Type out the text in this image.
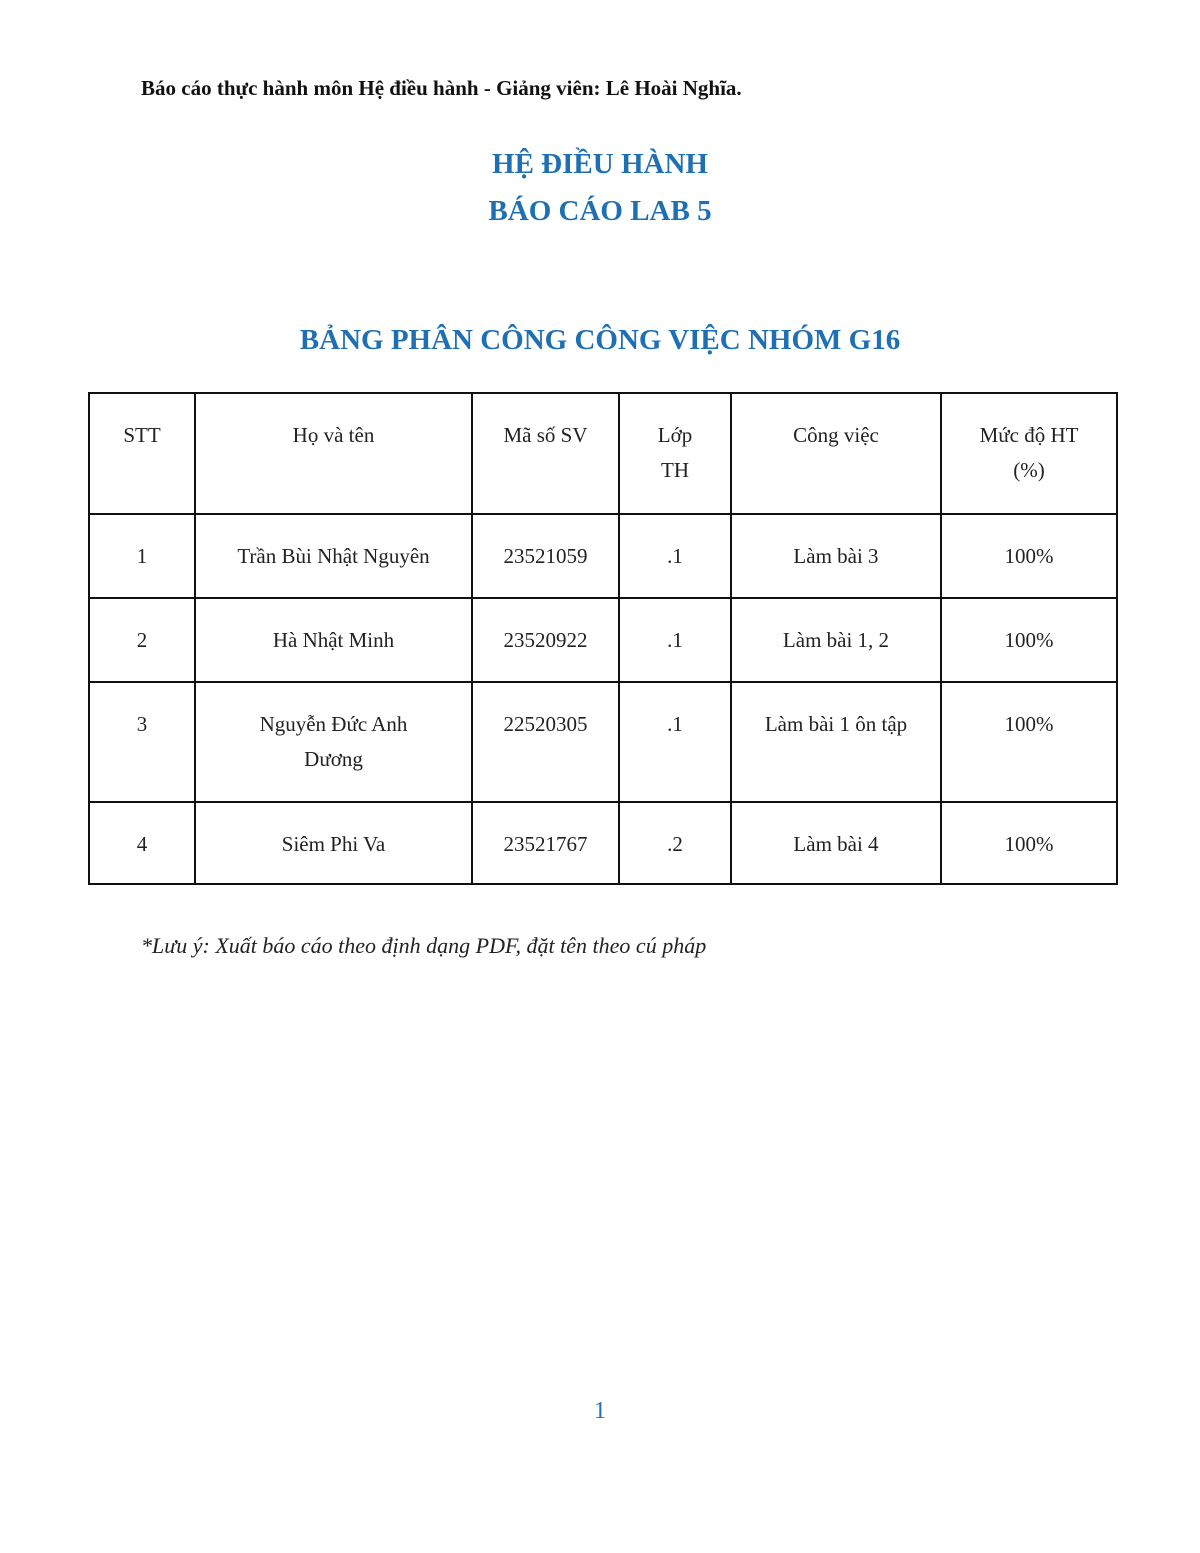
Báo cáo thực hành môn Hệ điều hành - Giảng viên: Lê Hoài Nghĩa.
HỆ ĐIỀU HÀNH
BÁO CÁO LAB 5
BẢNG PHÂN CÔNG CÔNG VIỆC NHÓM G16
STT	Họ và tên	Mã số SV	Lớp TH	Công việc	Mức độ HT (%)
1	Trần Bùi Nhật Nguyên	23521059	.1	Làm bài 3	100%
2	Hà Nhật Minh	23520922	.1	Làm bài 1, 2	100%
3	Nguyễn Đức Anh Dương	22520305	.1	Làm bài 1 ôn tập	100%
4	Siêm Phi Va	23521767	.2	Làm bài 4	100%
*Lưu ý: Xuất báo cáo theo định dạng PDF, đặt tên theo cú pháp
1
